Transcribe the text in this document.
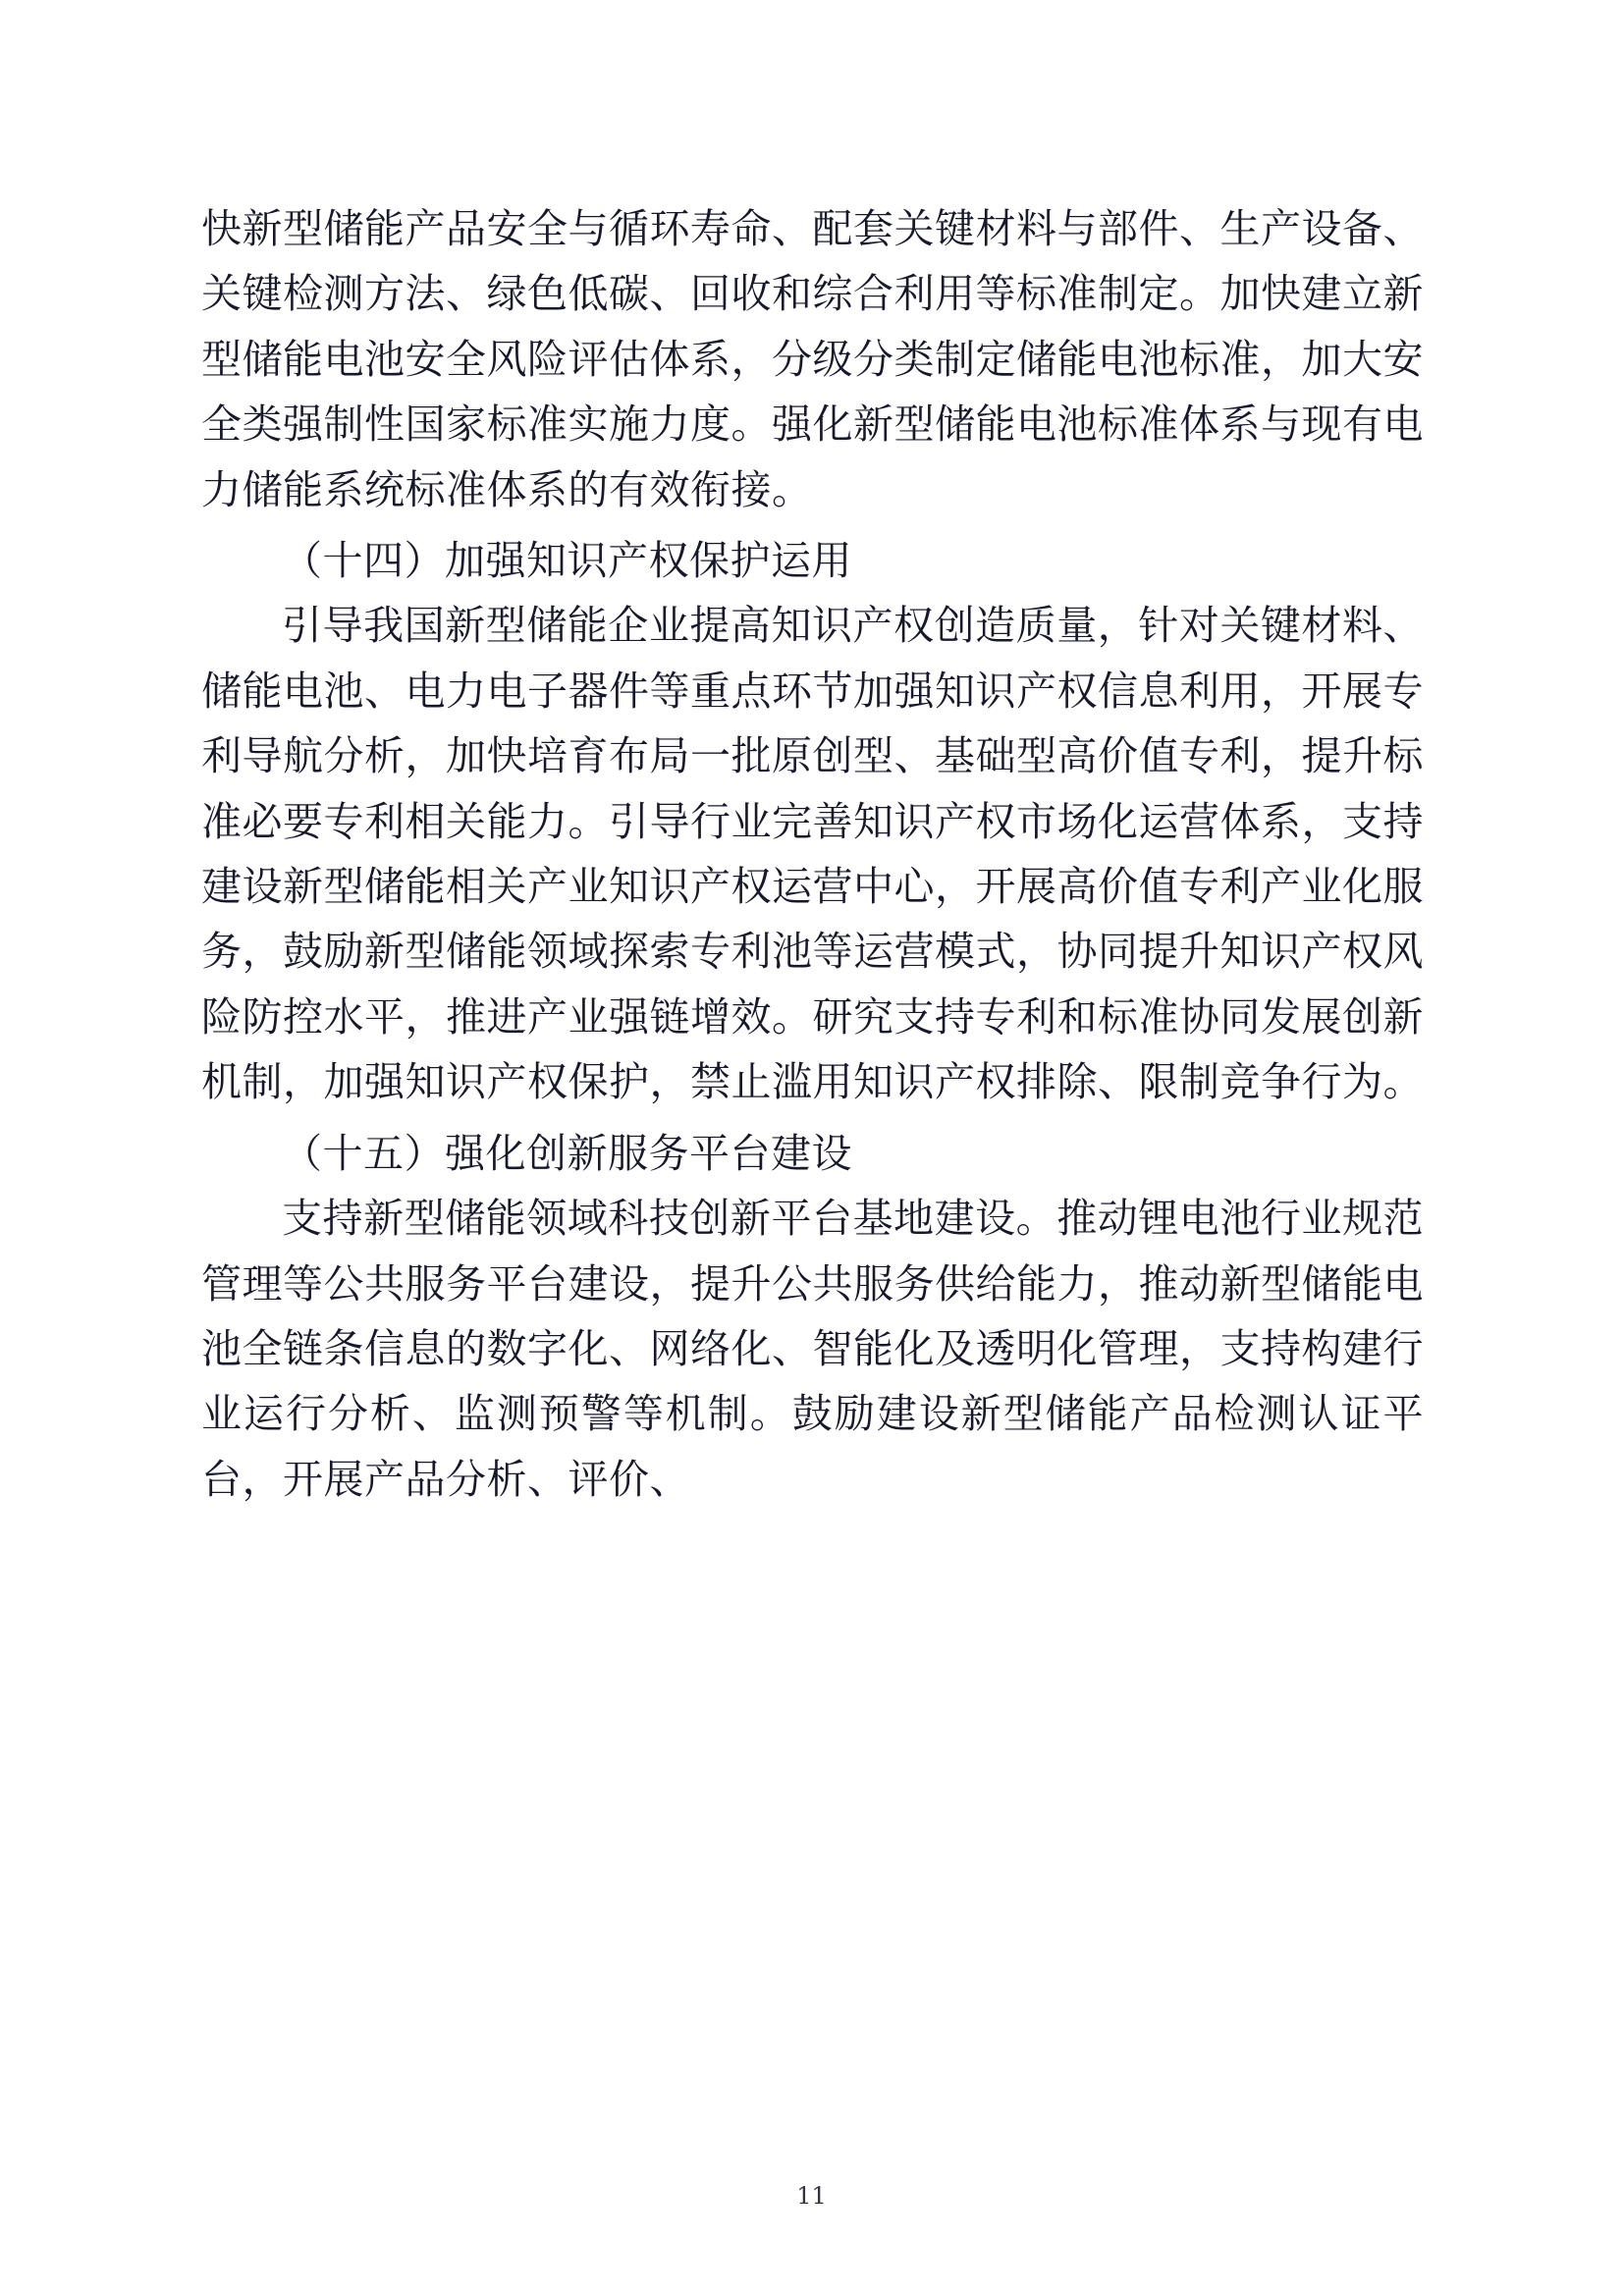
快新型储能产品安全与循环寿命、配套关键材料与部件、生产设备、关键检测方法、绿色低碳、回收和综合利用等标准制定。加快建立新型储能电池安全风险评估体系，分级分类制定储能电池标准，加大安全类强制性国家标准实施力度。强化新型储能电池标准体系与现有电力储能系统标准体系的有效衔接。

（十四）加强知识产权保护运用

引导我国新型储能企业提高知识产权创造质量，针对关键材料、储能电池、电力电子器件等重点环节加强知识产权信息利用，开展专利导航分析，加快培育布局一批原创型、基础型高价值专利，提升标准必要专利相关能力。引导行业完善知识产权市场化运营体系，支持建设新型储能相关产业知识产权运营中心，开展高价值专利产业化服务，鼓励新型储能领域探索专利池等运营模式，协同提升知识产权风险防控水平，推进产业强链增效。研究支持专利和标准协同发展创新机制，加强知识产权保护，禁止滥用知识产权排除、限制竞争行为。

（十五）强化创新服务平台建设

支持新型储能领域科技创新平台基地建设。推动锂电池行业规范管理等公共服务平台建设，提升公共服务供给能力，推动新型储能电池全链条信息的数字化、网络化、智能化及透明化管理，支持构建行业运行分析、监测预警等机制。鼓励建设新型储能产品检测认证平台，开展产品分析、评价、

11
